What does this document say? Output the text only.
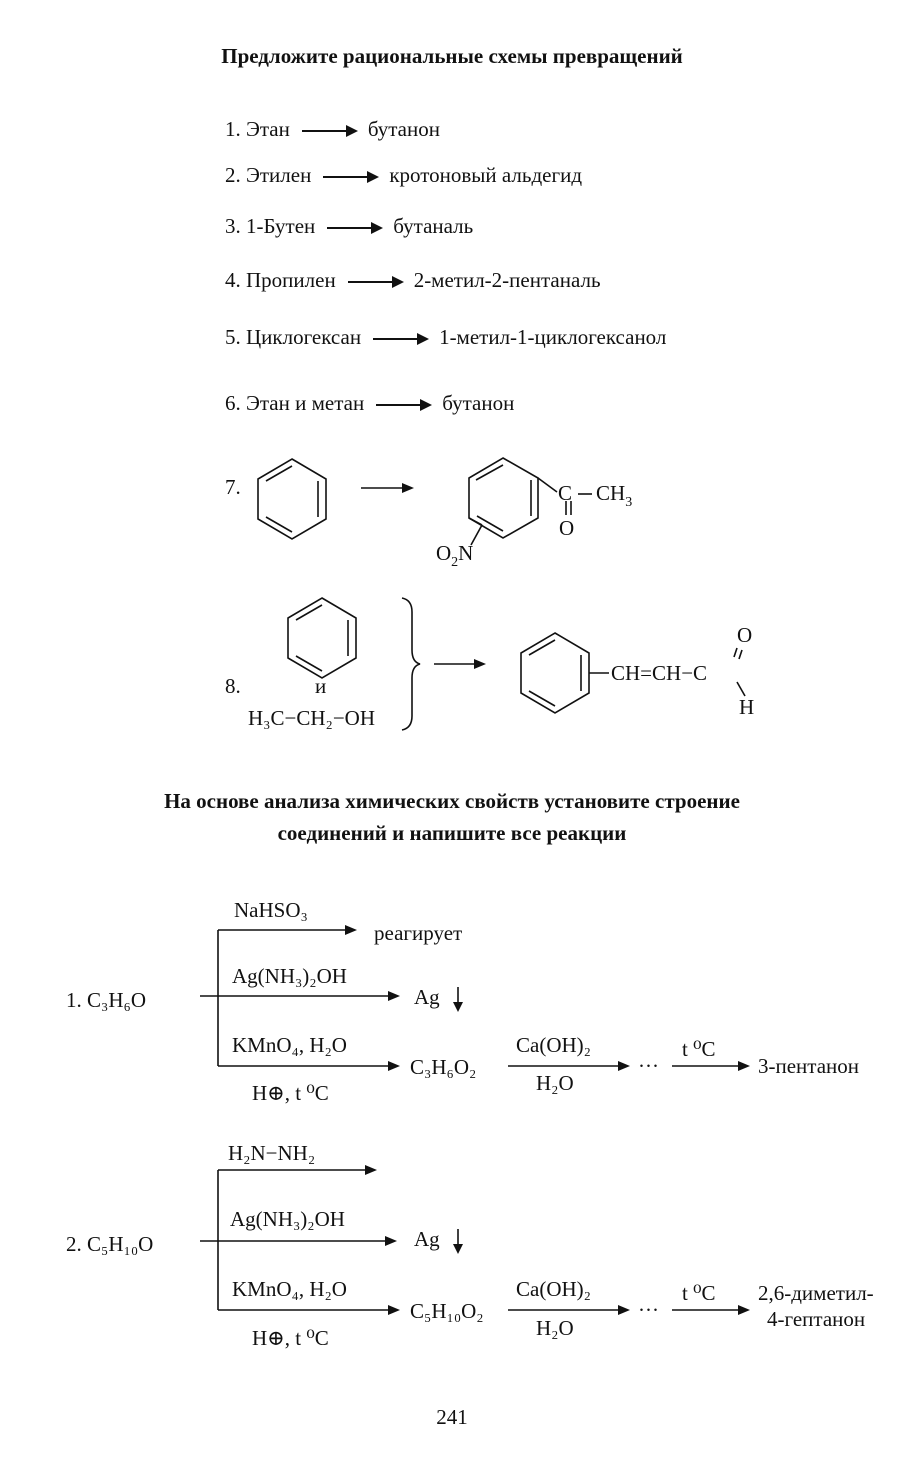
Предложите рациональные схемы превращений
1. Этан	бутанон
2. Этилен	кротоновый альдегид
3. 1-Бутен	бутаналь
4. Пропилен	2-метил-2-пентаналь
5. Циклогексан	1-метил-1-циклогексанол
6. Этан и метан	бутанон
7.	C $CH_3$
O
$O_2N$
8.	и
H₃C−CH₂−OH
CH=CH−C
O
H
1. C₃H₆O
NaHSO₃
реагирует
Ag(NH₃)₂OH
Ag
KMnO₄, H₂O
H⊕, t ⁰C
C₃H₆O₂
Ca(OH)₂
H₂O
···
t ⁰C
3-пентанон
2. C₅H₁₀O
H₂N−NH₂
Ag(NH₃)₂OH
Ag
KMnO₄, H₂O
H⊕, t ⁰C
C₅H₁₀O₂
Ca(OH)₂
H₂O
···
t ⁰C 2,6-диметил-
4-гептанон
На основе анализа химических свойств установите строение
соединений и напишите все реакции
241
